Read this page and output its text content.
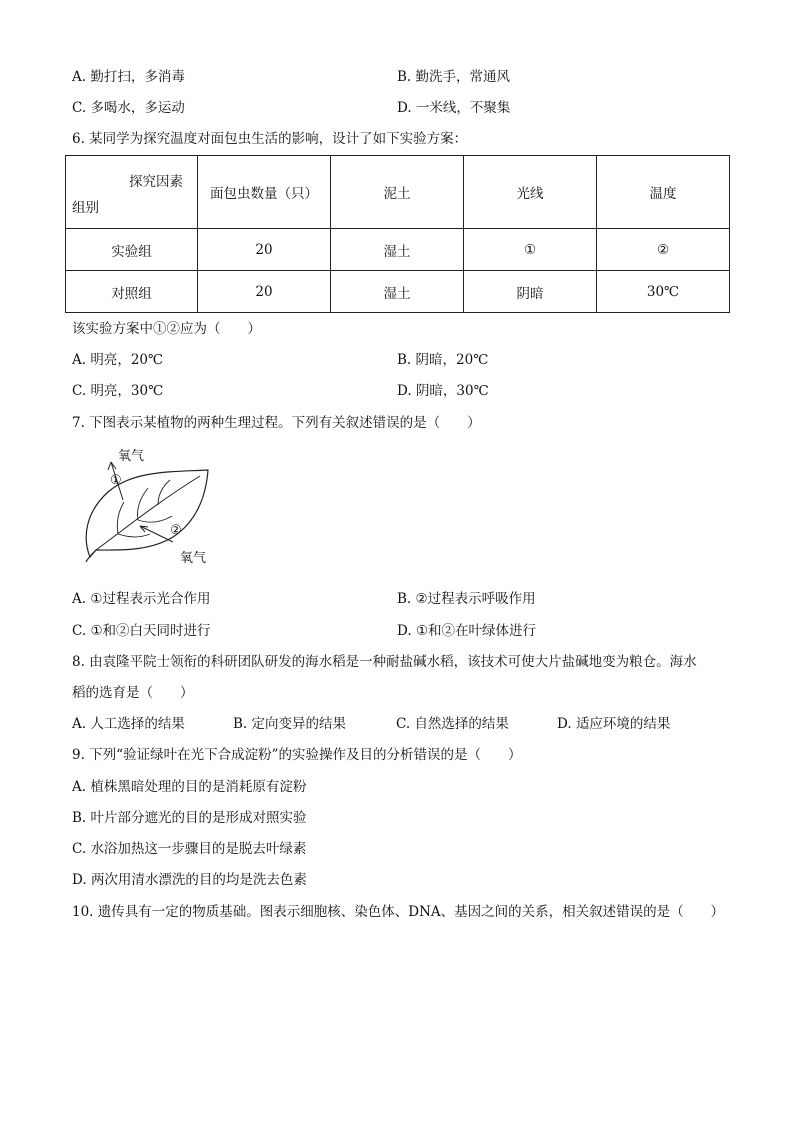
A. 勤打扫，多消毒	B. 勤洗手，常通风
C. 多喝水，多运动	D. 一米线，不聚集
6. 某同学为探究温度对面包虫生活的影响，设计了如下实验方案：
探究因素
组别	面包虫数量（只）	泥土	光线	温度
实验组	20	湿土	①	②
对照组	20	湿土	阴暗	30℃
该实验方案中①②应为（　　）
A. 明亮，20℃	B. 阴暗，20℃
C. 明亮，30℃	D. 阴暗，30℃
7. 下图表示某植物的两种生理过程。下列有关叙述错误的是（　　）
①
氧气
②
氧气
A. ①过程表示光合作用	B. ②过程表示呼吸作用
C. ①和②白天同时进行	D. ①和②在叶绿体进行
8. 由袁隆平院士领衔的科研团队研发的海水稻是一种耐盐碱水稻，该技术可使大片盐碱地变为粮仓。海水
稻的选育是（　　）
A. 人工选择的结果	B. 定向变异的结果	C. 自然选择的结果	D. 适应环境的结果
9. 下列“验证绿叶在光下合成淀粉”的实验操作及目的分析错误的是（　　）
A. 植株黑暗处理的目的是消耗原有淀粉
B. 叶片部分遮光的目的是形成对照实验
C. 水浴加热这一步骤目的是脱去叶绿素
D. 两次用清水漂洗的目的均是洗去色素
10. 遗传具有一定的物质基础。图表示细胞核、染色体、DNA、基因之间的关系，相关叙述错误的是（　　）
